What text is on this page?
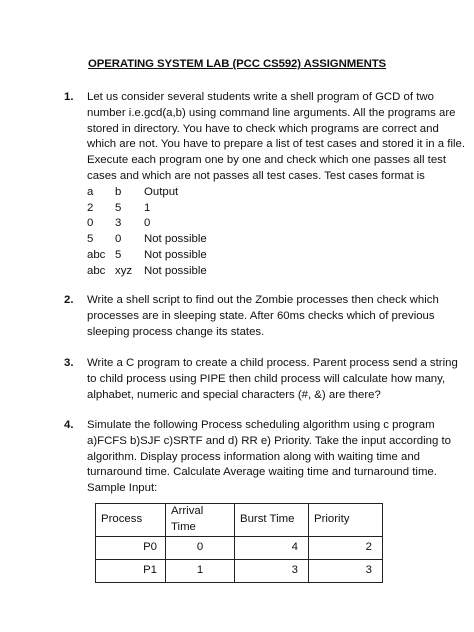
OPERATING SYSTEM LAB (PCC CS592) ASSIGNMENTS
1. Let us consider several students write a shell program of GCD of two
number i.e.gcd(a,b) using command line arguments. All the programs are
stored in directory. You have to check which programs are correct and
which are not. You have to prepare a list of test cases and stored it in a file.
Execute each program one by one and check which one passes all test
cases and which are not passes all test cases. Test cases format is
a	b	Output
2	5	1
0	3	0
5	0	Not possible
abc 5	Not possible
abc xyz	Not possible
2. Write a shell script to find out the Zombie processes then check which
processes are in sleeping state. After 60ms checks which of previous
sleeping process change its states.
3. Write a C program to create a child process. Parent process send a string
to child process using PIPE then child process will calculate how many,
alphabet, numeric and special characters (#, &) are there?
4. Simulate the following Process scheduling algorithm using c program
a)FCFS b)SJF c)SRTF and d) RR e) Priority. Take the input according to
algorithm. Display process information along with waiting time and
turnaround time. Calculate Average waiting time and turnaround time.
Sample Input:
Process	Arrival Time	Burst Time	Priority
P0	0	4	2
P1	1	3	3
